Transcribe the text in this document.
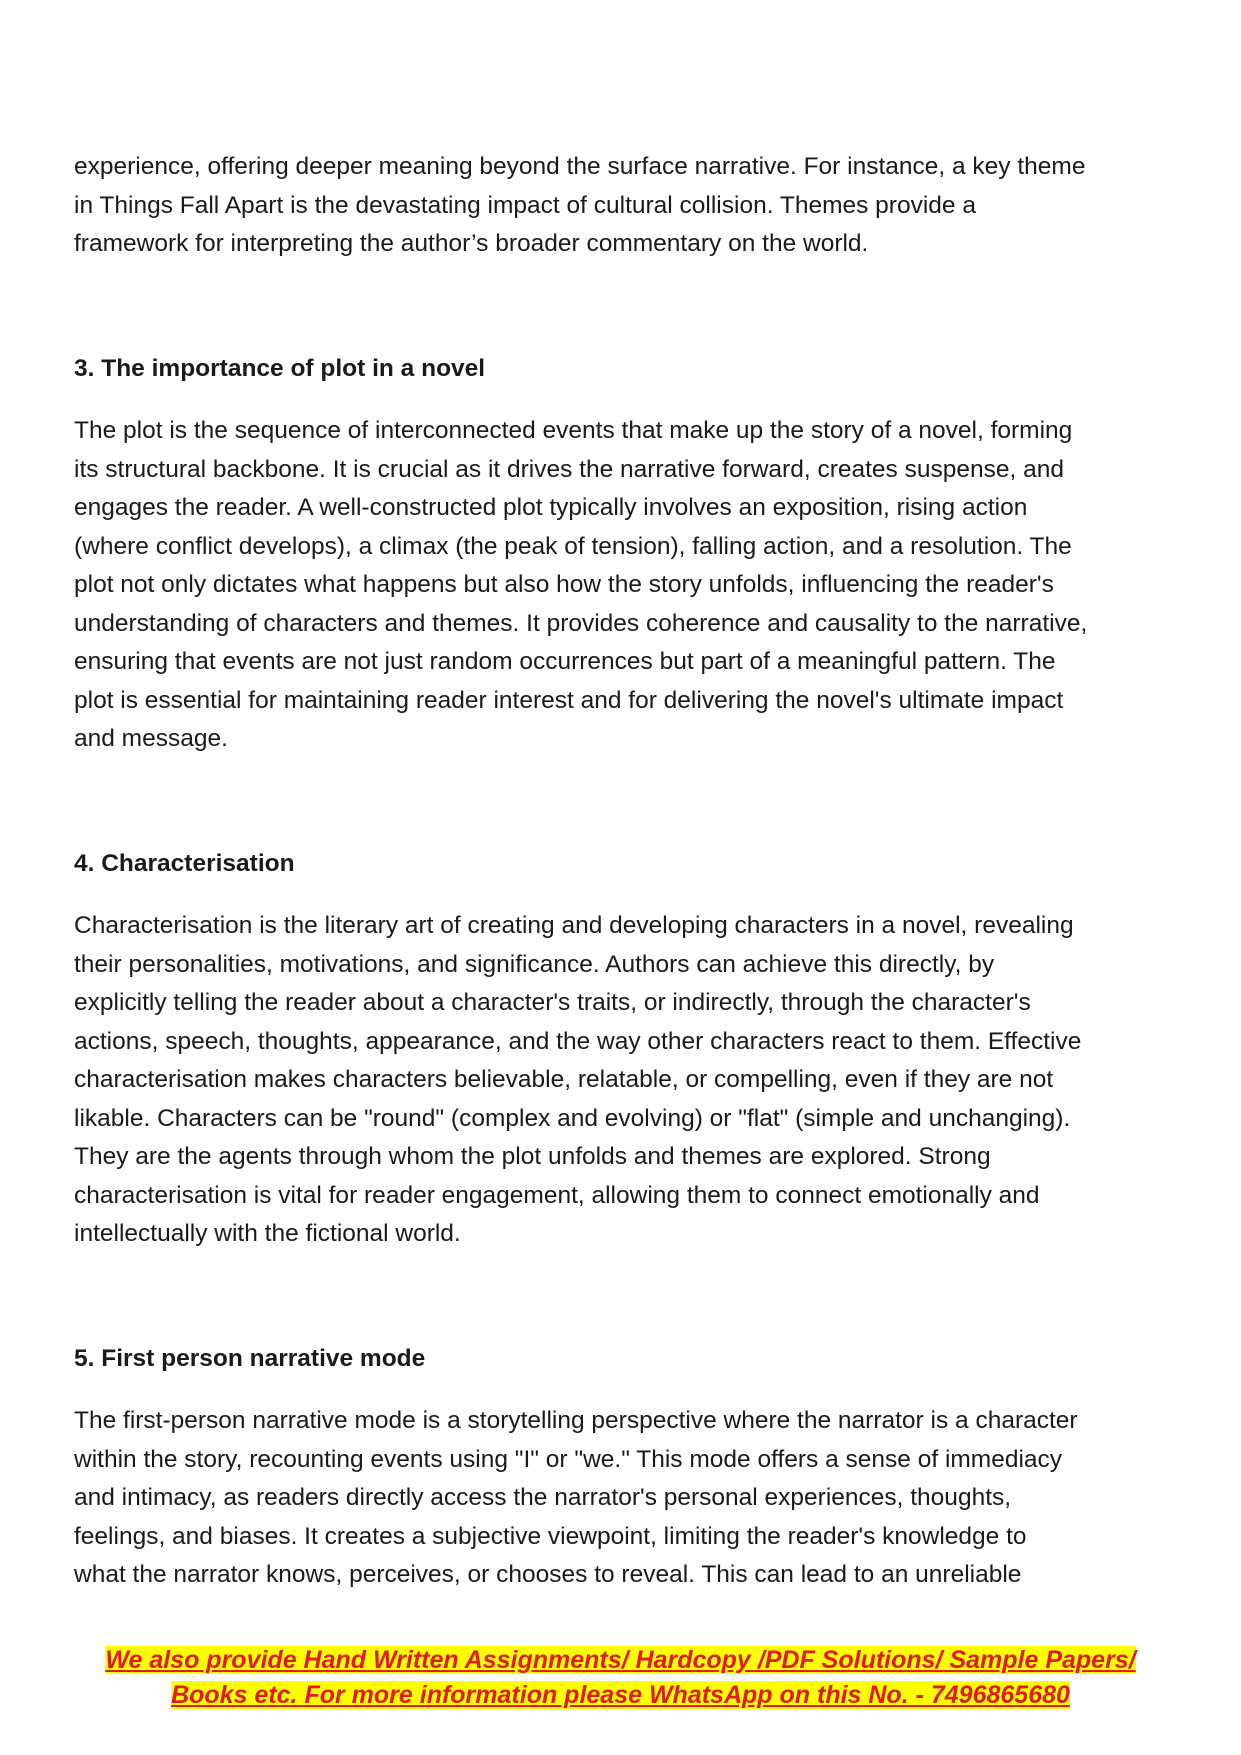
experience, offering deeper meaning beyond the surface narrative. For instance, a key theme
in Things Fall Apart is the devastating impact of cultural collision. Themes provide a
framework for interpreting the author’s broader commentary on the world.

3. The importance of plot in a novel

The plot is the sequence of interconnected events that make up the story of a novel, forming
its structural backbone. It is crucial as it drives the narrative forward, creates suspense, and
engages the reader. A well-constructed plot typically involves an exposition, rising action
(where conflict develops), a climax (the peak of tension), falling action, and a resolution. The
plot not only dictates what happens but also how the story unfolds, influencing the reader's
understanding of characters and themes. It provides coherence and causality to the narrative,
ensuring that events are not just random occurrences but part of a meaningful pattern. The
plot is essential for maintaining reader interest and for delivering the novel's ultimate impact
and message.

4. Characterisation

Characterisation is the literary art of creating and developing characters in a novel, revealing
their personalities, motivations, and significance. Authors can achieve this directly, by
explicitly telling the reader about a character's traits, or indirectly, through the character's
actions, speech, thoughts, appearance, and the way other characters react to them. Effective
characterisation makes characters believable, relatable, or compelling, even if they are not
likable. Characters can be "round" (complex and evolving) or "flat" (simple and unchanging).
They are the agents through whom the plot unfolds and themes are explored. Strong
characterisation is vital for reader engagement, allowing them to connect emotionally and
intellectually with the fictional world.

5. First person narrative mode

The first-person narrative mode is a storytelling perspective where the narrator is a character
within the story, recounting events using "I" or "we." This mode offers a sense of immediacy
and intimacy, as readers directly access the narrator's personal experiences, thoughts,
feelings, and biases. It creates a subjective viewpoint, limiting the reader's knowledge to
what the narrator knows, perceives, or chooses to reveal. This can lead to an unreliable

We also provide Hand Written Assignments/ Hardcopy /PDF Solutions/ Sample Papers/
Books etc. For more information please WhatsApp on this No. - 7496865680
